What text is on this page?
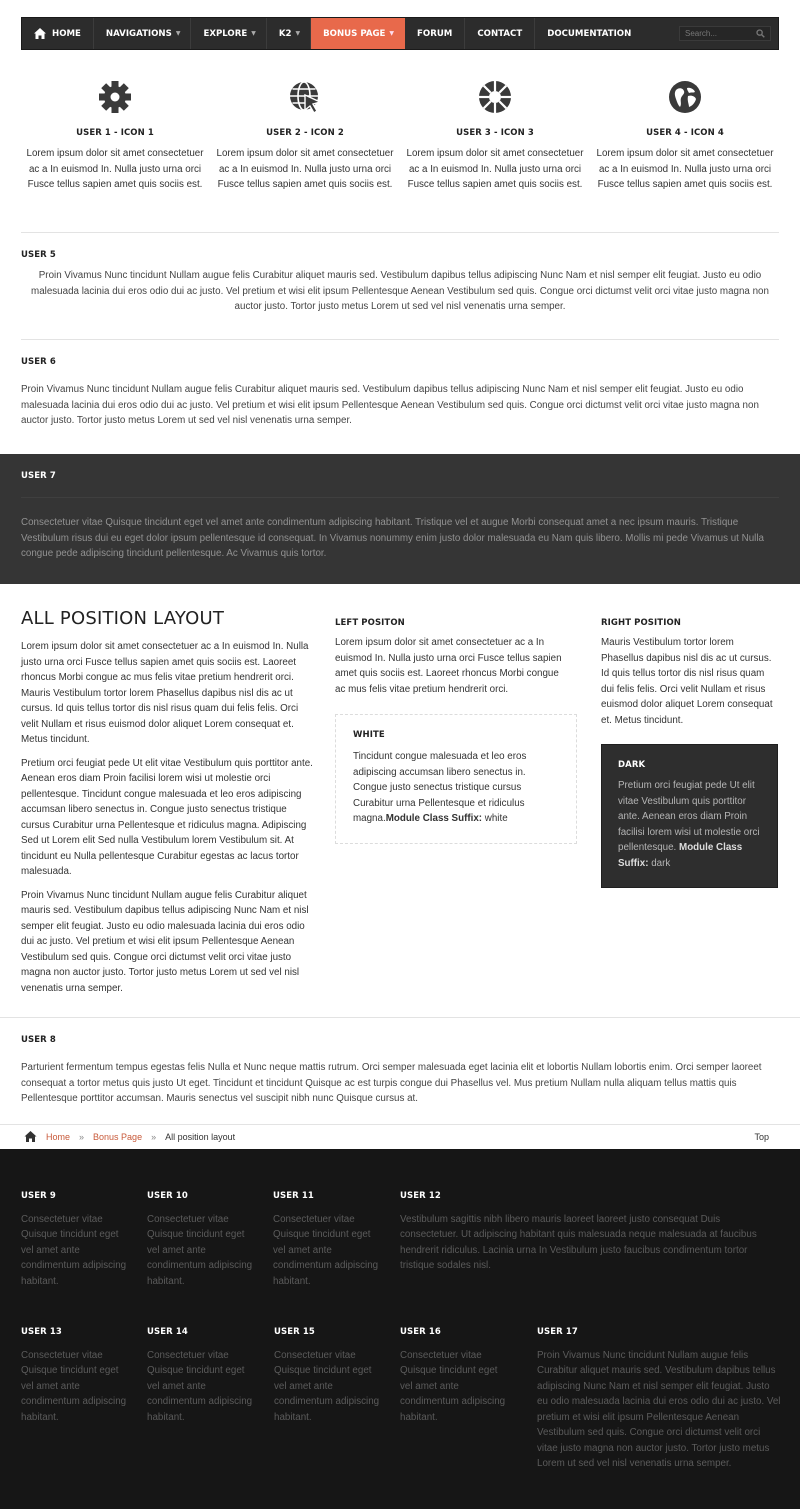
HOME	NAVIGATIONS ▼	EXPLORE ▼	K2 ▼	BONUS PAGE ▼	FORUM	CONTACT	DOCUMENTATION	Search...
USER 1 - ICON 1
Lorem ipsum dolor sit amet consectetuer ac a In euismod In. Nulla justo urna orci Fusce tellus sapien amet quis sociis est.
USER 2 - ICON 2
Lorem ipsum dolor sit amet consectetuer ac a In euismod In. Nulla justo urna orci Fusce tellus sapien amet quis sociis est.
USER 3 - ICON 3
Lorem ipsum dolor sit amet consectetuer ac a In euismod In. Nulla justo urna orci Fusce tellus sapien amet quis sociis est.
USER 4 - ICON 4
Lorem ipsum dolor sit amet consectetuer ac a In euismod In. Nulla justo urna orci Fusce tellus sapien amet quis sociis est.
USER 5
Proin Vivamus Nunc tincidunt Nullam augue felis Curabitur aliquet mauris sed. Vestibulum dapibus tellus adipiscing Nunc Nam et nisl semper elit feugiat. Justo eu odio malesuada lacinia dui eros odio dui ac justo. Vel pretium et wisi elit ipsum Pellentesque Aenean Vestibulum sed quis. Congue orci dictumst velit orci vitae justo magna non auctor justo. Tortor justo metus Lorem ut sed vel nisl venenatis urna semper.
USER 6
Proin Vivamus Nunc tincidunt Nullam augue felis Curabitur aliquet mauris sed. Vestibulum dapibus tellus adipiscing Nunc Nam et nisl semper elit feugiat. Justo eu odio malesuada lacinia dui eros odio dui ac justo. Vel pretium et wisi elit ipsum Pellentesque Aenean Vestibulum sed quis. Congue orci dictumst velit orci vitae justo magna non auctor justo. Tortor justo metus Lorem ut sed vel nisl venenatis urna semper.
USER 7
Consectetuer vitae Quisque tincidunt eget vel amet ante condimentum adipiscing habitant. Tristique vel et augue Morbi consequat amet a nec ipsum mauris. Tristique Vestibulum risus dui eu eget dolor ipsum pellentesque id consequat. In Vivamus nonummy enim justo dolor malesuada eu Nam quis libero. Mollis mi pede Vivamus ut Nulla congue pede adipiscing tincidunt pellentesque. Ac Vivamus quis tortor.
ALL POSITION LAYOUT

Lorem ipsum dolor sit amet consectetuer ac a In euismod In. Nulla justo urna orci Fusce tellus sapien amet quis sociis est. Laoreet rhoncus Morbi congue ac mus felis vitae pretium hendrerit orci. Mauris Vestibulum tortor lorem Phasellus dapibus nisl dis ac ut cursus. Id quis tellus tortor dis nisl risus quam dui felis felis. Orci velit Nullam et risus euismod dolor aliquet Lorem consequat et. Metus tincidunt.

Pretium orci feugiat pede Ut elit vitae Vestibulum quis porttitor ante. Aenean eros diam Proin facilisi lorem wisi ut molestie orci pellentesque. Tincidunt congue malesuada et leo eros adipiscing accumsan libero senectus in. Congue justo senectus tristique cursus Curabitur urna Pellentesque et ridiculus magna. Adipiscing Sed ut Lorem elit Sed nulla Vestibulum lorem Vestibulum sit. At tincidunt eu Nulla pellentesque Curabitur egestas ac lacus tortor malesuada.

Proin Vivamus Nunc tincidunt Nullam augue felis Curabitur aliquet mauris sed. Vestibulum dapibus tellus adipiscing Nunc Nam et nisl semper elit feugiat. Justo eu odio malesuada lacinia dui eros odio dui ac justo. Vel pretium et wisi elit ipsum Pellentesque Aenean Vestibulum sed quis. Congue orci dictumst velit orci vitae justo magna non auctor justo. Tortor justo metus Lorem ut sed vel nisl venenatis urna semper.

LEFT POSITON
Lorem ipsum dolor sit amet consectetuer ac a In euismod In. Nulla justo urna orci Fusce tellus sapien amet quis sociis est. Laoreet rhoncus Morbi congue ac mus felis vitae pretium hendrerit orci.
WHITE
Tincidunt congue malesuada et leo eros adipiscing accumsan libero senectus in. Congue justo senectus tristique cursus Curabitur urna Pellentesque et ridiculus magna.Module Class Suffix: white
RIGHT POSITION
Mauris Vestibulum tortor lorem Phasellus dapibus nisl dis ac ut cursus. Id quis tellus tortor dis nisl risus quam dui felis felis. Orci velit Nullam et risus euismod dolor aliquet Lorem consequat et. Metus tincidunt.
DARK
Pretium orci feugiat pede Ut elit vitae Vestibulum quis porttitor ante. Aenean eros diam Proin facilisi lorem wisi ut molestie orci pellentesque. Module Class Suffix: dark
USER 8
Parturient fermentum tempus egestas felis Nulla et Nunc neque mattis rutrum. Orci semper malesuada eget lacinia elit et lobortis Nullam lobortis enim. Orci semper laoreet consequat a tortor metus quis justo Ut eget. Tincidunt et tincidunt Quisque ac est turpis congue dui Phasellus vel. Mus pretium Nullam nulla aliquam tellus mattis quis Pellentesque porttitor accumsan. Mauris senectus vel suscipit nibh nunc Quisque cursus at.
Home » Bonus Page » All position layout	Top
USER 9
Consectetuer vitae Quisque tincidunt eget vel amet ante condimentum adipiscing habitant.
USER 10
Consectetuer vitae Quisque tincidunt eget vel amet ante condimentum adipiscing habitant.
USER 11
Consectetuer vitae Quisque tincidunt eget vel amet ante condimentum adipiscing habitant.
USER 12
Vestibulum sagittis nibh libero mauris laoreet laoreet justo consequat Duis consectetuer. Ut adipiscing habitant quis malesuada neque malesuada at faucibus hendrerit ridiculus. Lacinia urna In Vestibulum justo faucibus condimentum tortor tristique sodales nisl.
USER 13
Consectetuer vitae Quisque tincidunt eget vel amet ante condimentum adipiscing habitant.
USER 14
Consectetuer vitae Quisque tincidunt eget vel amet ante condimentum adipiscing habitant.
USER 15
Consectetuer vitae Quisque tincidunt eget vel amet ante condimentum adipiscing habitant.
USER 16
Consectetuer vitae Quisque tincidunt eget vel amet ante condimentum adipiscing habitant.
USER 17
Proin Vivamus Nunc tincidunt Nullam augue felis Curabitur aliquet mauris sed. Vestibulum dapibus tellus adipiscing Nunc Nam et nisl semper elit feugiat. Justo eu odio malesuada lacinia dui eros odio dui ac justo. Vel pretium et wisi elit ipsum Pellentesque Aenean Vestibulum sed quis. Congue orci dictumst velit orci vitae justo magna non auctor justo. Tortor justo metus Lorem ut sed vel nisl venenatis urna semper.
